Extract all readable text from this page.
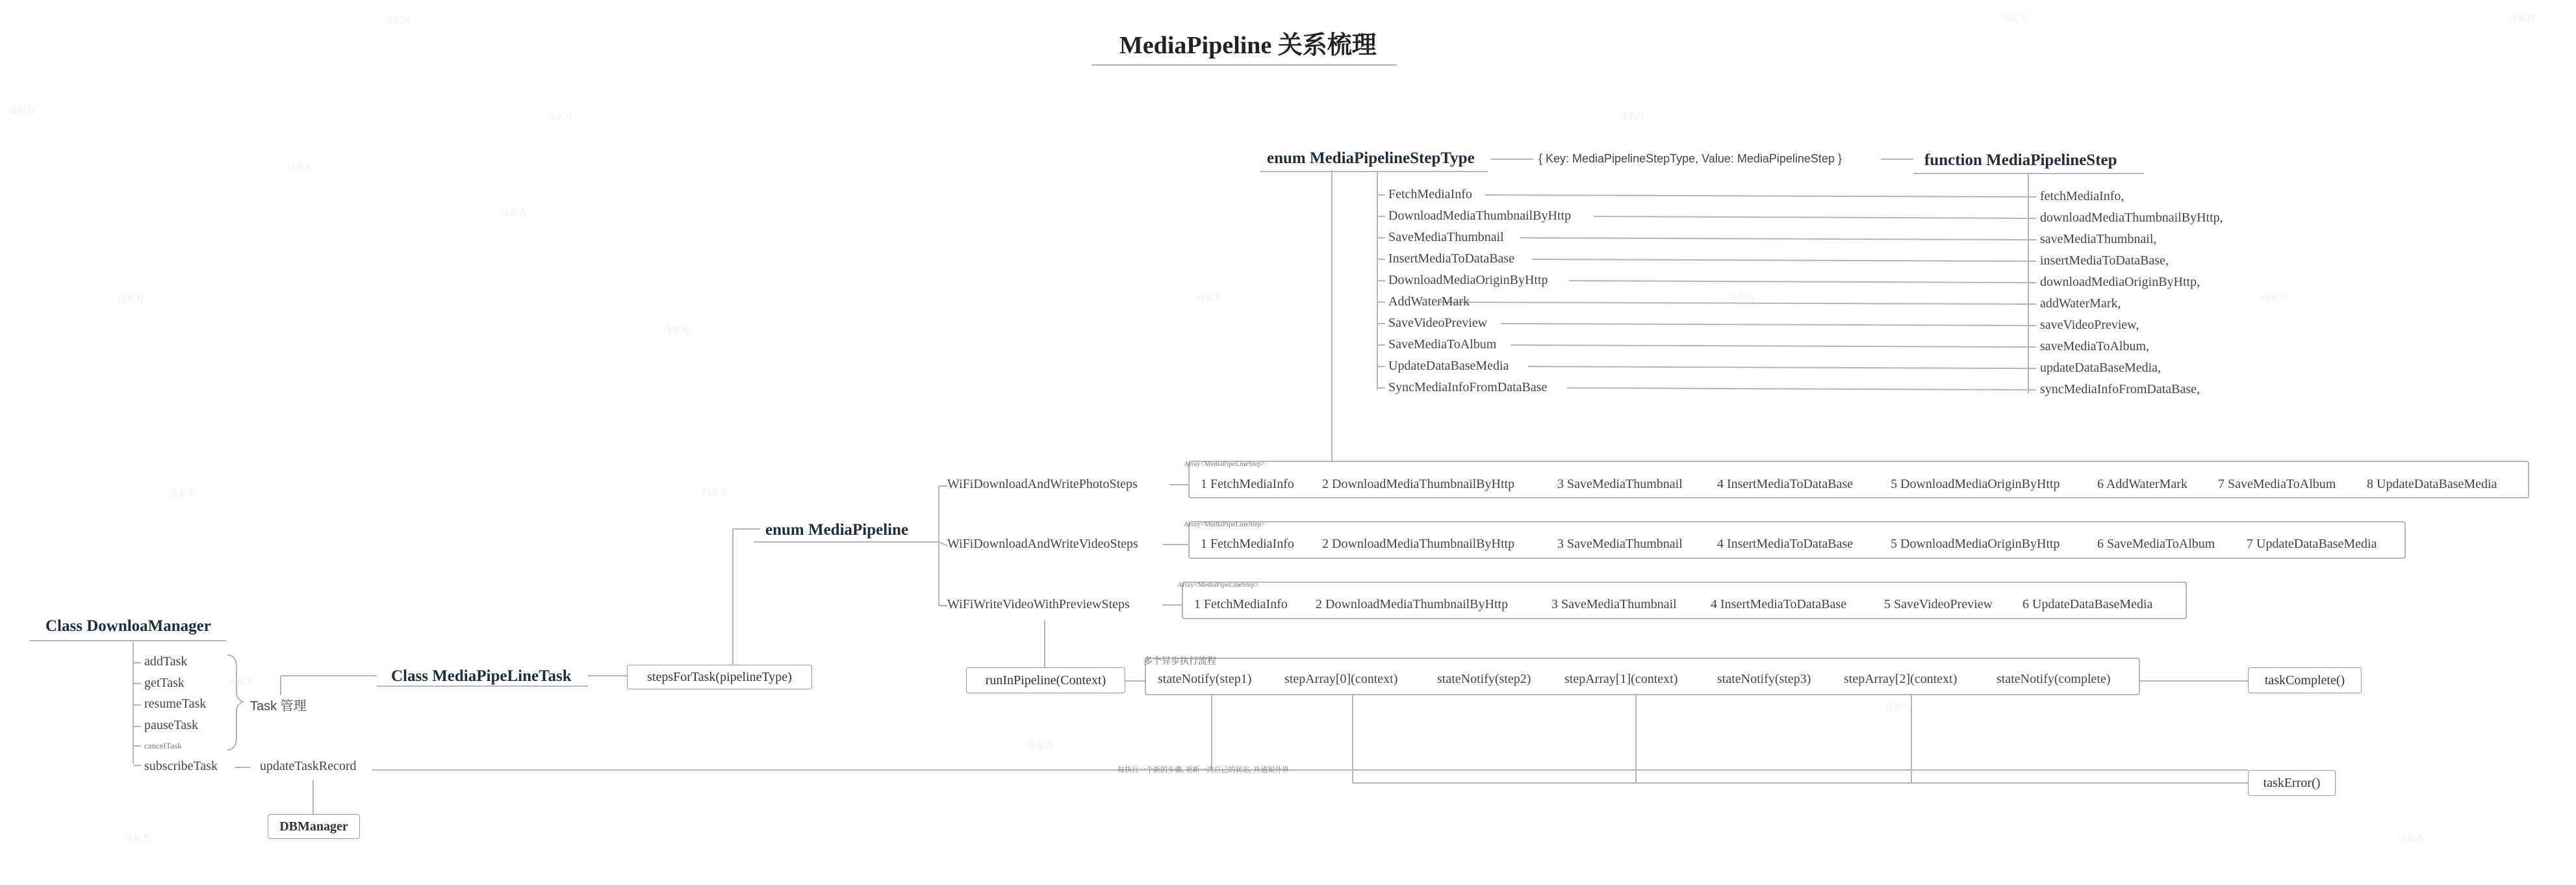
MediaPipeline 关系梳理
Class DownloaManager
addTask
getTask
resumeTask
pauseTask
cancelTask
subscribeTask
Task 管理
updateTaskRecord
DBManager
Class MediaPipeLineTask	stepsForTask(pipelineType)
enum MediaPipeline
WiFiDownloadAndWritePhotoSteps
Array<MediaPipeLineStep>
1 FetchMediaInfo 2 DownloadMediaThumbnailByHttp	3 SaveMediaThumbnail	4 InsertMediaToDataBase	5 DownloadMediaOriginByHttp	6 AddWaterMark 7 SaveMediaToAlbum 8 UpdateDataBaseMedia
WiFiDownloadAndWriteVideoSteps
Array<MediaPipeLineStep>
1 FetchMediaInfo 2 DownloadMediaThumbnailByHttp	3 SaveMediaThumbnail	4 InsertMediaToDataBase	5 DownloadMediaOriginByHttp	6 SaveMediaToAlbum 7 UpdateDataBaseMedia
WiFiWriteVideoWithPreviewSteps
Array<MediaPipeLineStep>
1 FetchMediaInfo 2 DownloadMediaThumbnailByHttp	3 SaveMediaThumbnail	4 InsertMediaToDataBase	5 SaveVideoPreview 6 UpdateDataBaseMedia
enum MediaPipelineStepType	{ Key: MediaPipelineStepType, Value: MediaPipelineStep }	function MediaPipelineStep
FetchMediaInfo
DownloadMediaThumbnailByHttp
SaveMediaThumbnail
InsertMediaToDataBase
DownloadMediaOriginByHttp
AddWaterMark
SaveVideoPreview
SaveMediaToAlbum
UpdateDataBaseMedia
SyncMediaInfoFromDataBase
fetchMediaInfo,
downloadMediaThumbnailByHttp,
saveMediaThumbnail,
insertMediaToDataBase,
downloadMediaOriginByHttp,
addWaterMark,
saveVideoPreview,
saveMediaToAlbum,
updateDataBaseMedia,
syncMediaInfoFromDataBase,
runInPipeline(Context)
多个异步执行流程
stateNotify(step1)	stepArray[0](context)	stateNotify(step2)	stepArray[1](context)	stateNotify(step3)	stepArray[2](context)	stateNotify(complete)	taskComplete()
taskError()
每执行一个新的步骤, 更新一次自己的状态, 并通知外界
马东方	马东方
马东方
马东方	马东方
马东方
马东方
马东方
马东方
马东方
马东方	马东方	马东方
马东方	马东方
马东方
马东方
马东方
马东方	马东方
